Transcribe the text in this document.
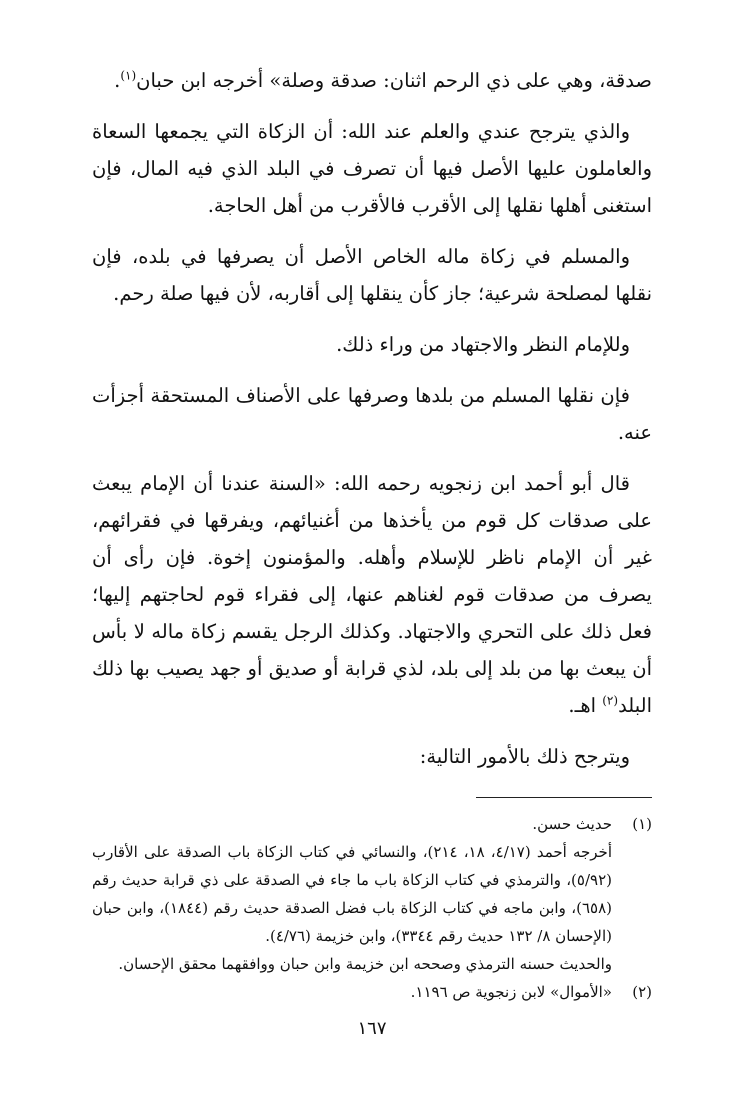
صدقة، وهي على ذي الرحم اثنان: صدقة وصلة» أخرجه ابن حبان$^{(١)}$.

والذي يترجح عندي والعلم عند الله: أن الزكاة التي يجمعها السعاة والعاملون عليها الأصل فيها أن تصرف في البلد الذي فيه المال، فإن استغنى أهلها نقلها إلى الأقرب فالأقرب من أهل الحاجة.

والمسلم في زكاة ماله الخاص الأصل أن يصرفها في بلده، فإن نقلها لمصلحة شرعية؛ جاز كأن ينقلها إلى أقاربه، لأن فيها صلة رحم.

وللإمام النظر والاجتهاد من وراء ذلك.

فإن نقلها المسلم من بلدها وصرفها على الأصناف المستحقة أجزأت عنه.

قال أبو أحمد ابن زنجويه رحمه الله: «السنة عندنا أن الإمام يبعث على صدقات كل قوم من يأخذها من أغنيائهم، ويفرقها في فقرائهم، غير أن الإمام ناظر للإسلام وأهله. والمؤمنون إخوة. فإن رأى أن يصرف من صدقات قوم لغناهم عنها، إلى فقراء قوم لحاجتهم إليها؛ فعل ذلك على التحري والاجتهاد. وكذلك الرجل يقسم زكاة ماله لا بأس أن يبعث بها من بلد إلى بلد، لذي قرابة أو صديق أو جهد يصيب بها ذلك البلد$^{(٢)}$ اهـ.

ويترجح ذلك بالأمور التالية:

(١)
حديث حسن.
أخرجه أحمد (٤/١٧، ١٨، ٢١٤)، والنسائي في كتاب الزكاة باب الصدقة على الأقارب (٥/٩٢)، والترمذي في كتاب الزكاة باب ما جاء في الصدقة على ذي قرابة حديث رقم (٦٥٨)، وابن ماجه في كتاب الزكاة باب فضل الصدقة حديث رقم (١٨٤٤)، وابن حبان (الإحسان ٨/ ١٣٢ حديث رقم ٣٣٤٤)، وابن خزيمة (٤/٧٦).
والحديث حسنه الترمذي وصححه ابن خزيمة وابن حبان ووافقهما محقق الإحسان.
(٢)
«الأموال» لابن زنجوية ص ١١٩٦.
١٦٧
